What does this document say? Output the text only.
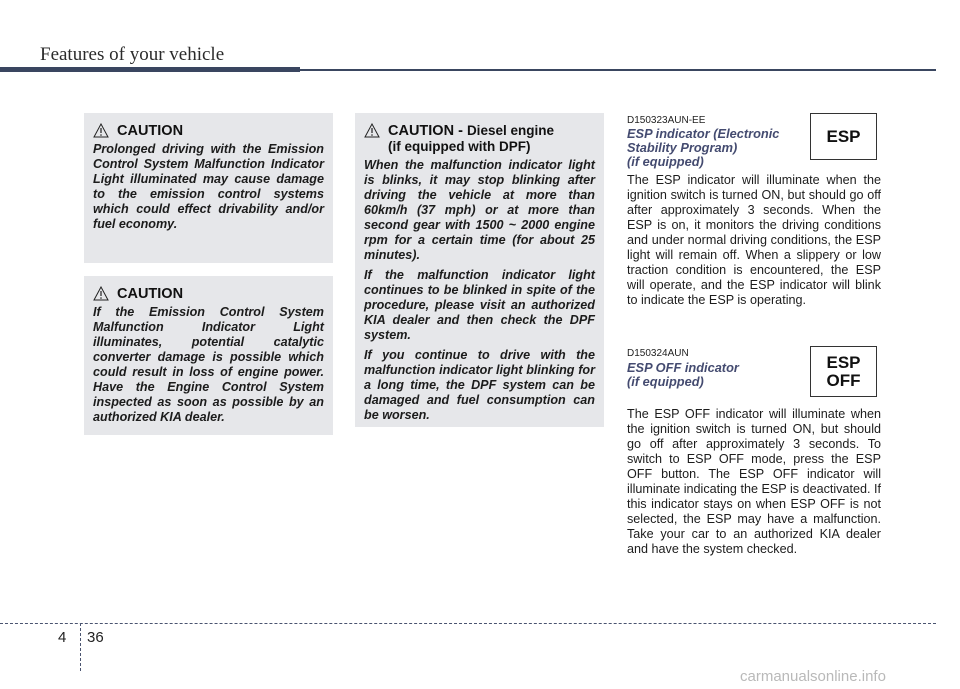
Features of your vehicle
CAUTION

Prolonged driving with the Emission Control System Malfunction Indicator Light illuminated may cause damage to the emission control systems which could effect drivability and/or fuel economy.

CAUTION

If the Emission Control System Malfunction Indicator Light illuminates, potential catalytic converter damage is possible which could result in loss of engine power. Have the Engine Control System inspected as soon as possible by an authorized KIA dealer.

CAUTION - Diesel engine
(if equipped with DPF)

When the malfunction indicator light is blinks, it may stop blinking after driving the vehicle at more than 60km/h (37 mph) or at more than second gear with 1500 ~ 2000 engine rpm for a certain time (for about 25 minutes).

If the malfunction indicator light continues to be blinked in spite of the procedure, please visit an authorized KIA dealer and then check the DPF system.

If you continue to drive with the malfunction indicator light blinking for a long time, the DPF system can be damaged and fuel consumption can be worsen.

D150323AUN-EE
ESP indicator (Electronic
Stability Program)
(if equipped)
ESP

The ESP indicator will illuminate when the ignition switch is turned ON, but should go off after approximately 3 seconds. When the ESP is on, it monitors the driving conditions and under normal driving conditions, the ESP light will remain off. When a slippery or low traction condition is encountered, the ESP will operate, and the ESP indicator will blink to indicate the ESP is operating.

D150324AUN
ESP OFF indicator
(if equipped)
ESP
OFF

The ESP OFF indicator will illuminate when the ignition switch is turned ON, but should go off after approximately 3 seconds. To switch to ESP OFF mode, press the ESP OFF button. The ESP OFF indicator will illuminate indicating the ESP is deactivated. If this indicator stays on when ESP OFF is not selected, the ESP may have a malfunction. Take your car to an authorized KIA dealer and have the system checked.

4 36
carmanualsonline.info
